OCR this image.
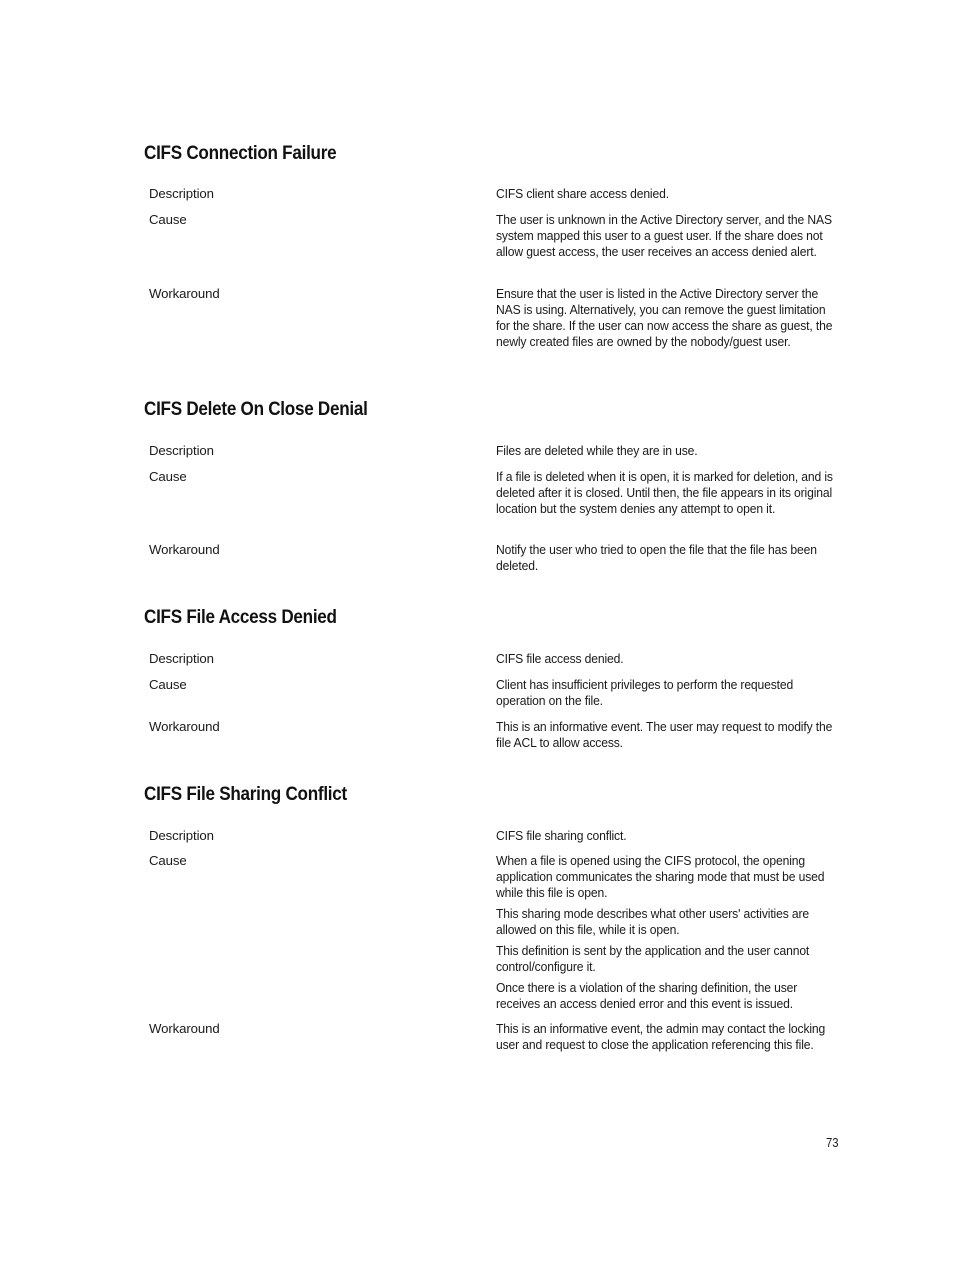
CIFS Connection Failure
Description	CIFS client share access denied.
Cause	The user is unknown in the Active Directory server, and the NAS system mapped this user to a guest user. If the share does not allow guest access, the user receives an access denied alert.
Workaround	Ensure that the user is listed in the Active Directory server the NAS is using. Alternatively, you can remove the guest limitation for the share. If the user can now access the share as guest, the newly created files are owned by the nobody/guest user.
CIFS Delete On Close Denial
Description	Files are deleted while they are in use.
Cause	If a file is deleted when it is open, it is marked for deletion, and is deleted after it is closed. Until then, the file appears in its original location but the system denies any attempt to open it.
Workaround	Notify the user who tried to open the file that the file has been deleted.
CIFS File Access Denied
Description	CIFS file access denied.
Cause	Client has insufficient privileges to perform the requested operation on the file.
Workaround	This is an informative event. The user may request to modify the file ACL to allow access.
CIFS File Sharing Conflict
Description	CIFS file sharing conflict.
Cause	When a file is opened using the CIFS protocol, the opening application communicates the sharing mode that must be used while this file is open.
This sharing mode describes what other users' activities are allowed on this file, while it is open.
This definition is sent by the application and the user cannot control/configure it.
Once there is a violation of the sharing definition, the user receives an access denied error and this event is issued.
Workaround	This is an informative event, the admin may contact the locking user and request to close the application referencing this file.
73
